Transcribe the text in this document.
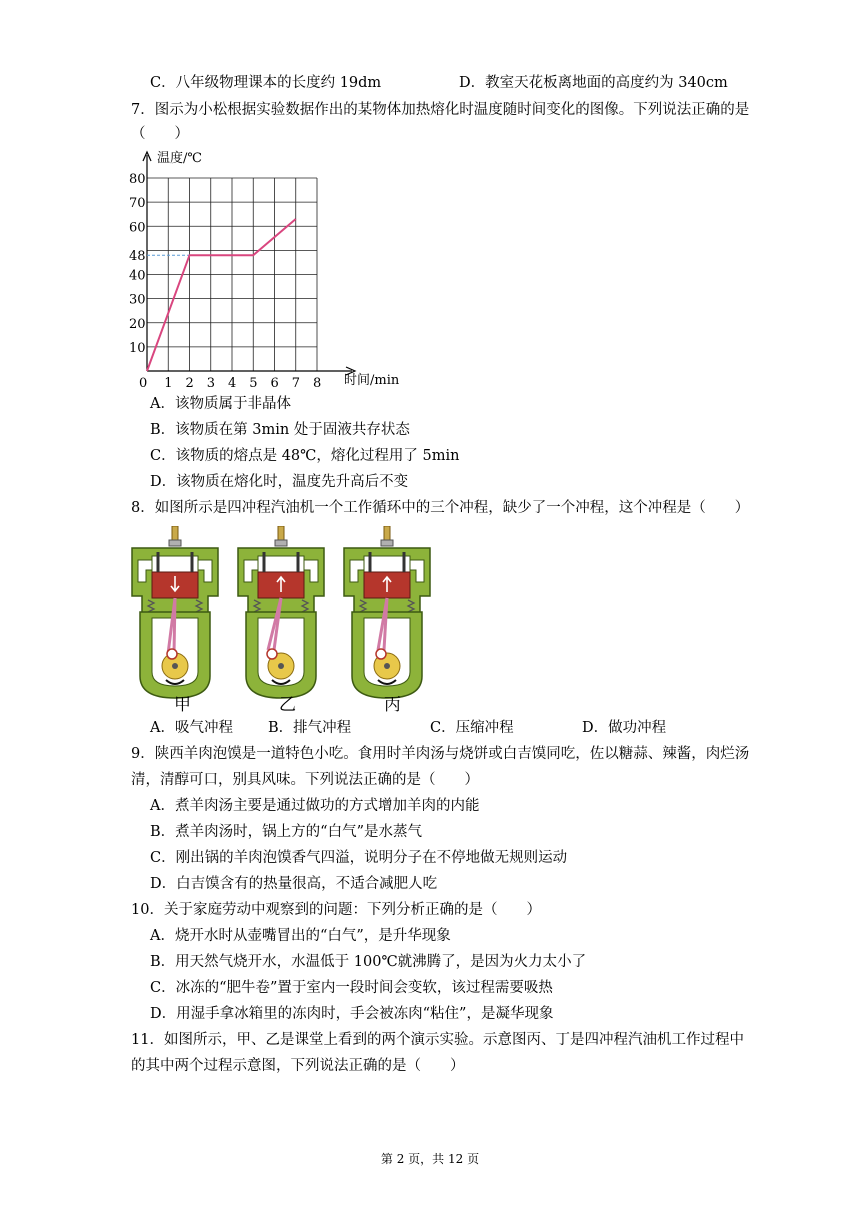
C．八年级物理课本的长度约 19dm	D．教室天花板离地面的高度约为 340cm
7．图示为小松根据实验数据作出的某物体加热熔化时温度随时间变化的图像。下列说法正确的是
（　　）
0 1 2 3 4 5 6 7 8
10
20
30
40
48
60
70
80
温度/℃
时间/min
A．该物质属于非晶体
B．该物质在第 3min 处于固液共存状态
C．该物质的熔点是 48℃，熔化过程用了 5min
D．该物质在熔化时，温度先升高后不变
8．如图所示是四冲程汽油机一个工作循环中的三个冲程，缺少了一个冲程，这个冲程是（　　）
甲	乙	丙
A．吸气冲程 B．排气冲程	C．压缩冲程	D．做功冲程
9．陕西羊肉泡馍是一道特色小吃。食用时羊肉汤与烧饼或白吉馍同吃，佐以糖蒜、辣酱，肉烂汤
清，清醇可口，别具风味。下列说法正确的是（　　）
A．煮羊肉汤主要是通过做功的方式增加羊肉的内能
B．煮羊肉汤时，锅上方的“白气”是水蒸气
C．刚出锅的羊肉泡馍香气四溢，说明分子在不停地做无规则运动
D．白吉馍含有的热量很高，不适合减肥人吃
10．关于家庭劳动中观察到的问题：下列分析正确的是（　　）
A．烧开水时从壶嘴冒出的“白气”，是升华现象
B．用天然气烧开水，水温低于 100℃就沸腾了，是因为火力太小了
C．冰冻的“肥牛卷”置于室内一段时间会变软，该过程需要吸热
D．用湿手拿冰箱里的冻肉时，手会被冻肉“粘住”，是凝华现象
11．如图所示，甲、乙是课堂上看到的两个演示实验。示意图丙、丁是四冲程汽油机工作过程中
的其中两个过程示意图，下列说法正确的是（　　）
第 2 页，共 12 页
